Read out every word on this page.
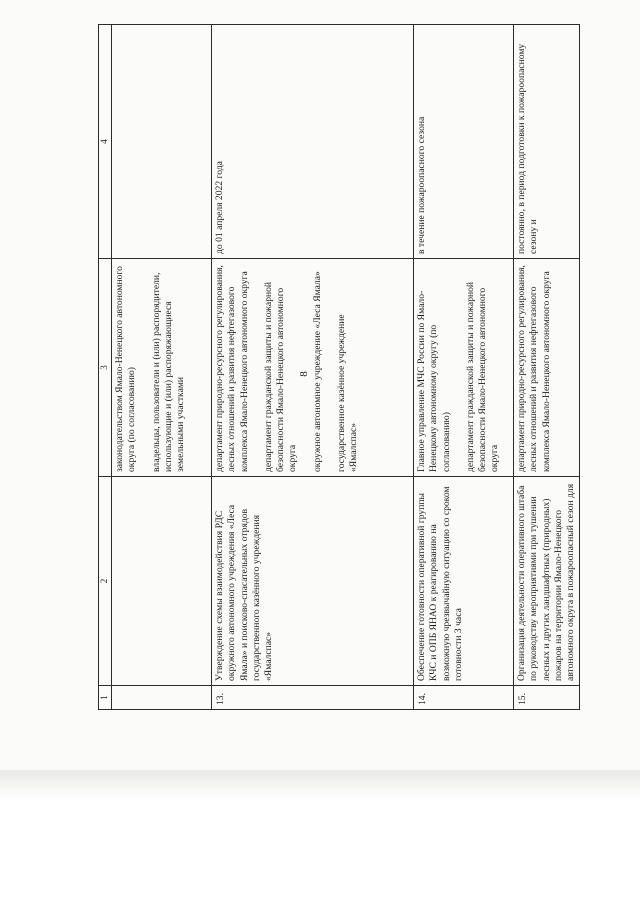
8
1	2	3	4

		законодательством Ямало-Ненецкого автономного округа (по согласованию) владельцы, пользователи и (или) распорядители, использующие и (или) распоряжающиеся земельными участками	

13.	Утверждение схемы взаимодействия РДС окружного автономного учреждения «Леса Ямала» и поисково-спасательных отрядов государственного казённого учреждения «Ямалспас»	департамент природно-ресурсного регулирования, лесных отношений и развития нефтегазового комплекса Ямало-Ненецкого автономного округа департамент гражданской защиты и пожарной безопасности Ямало-Ненецкого автономного округа окружное автономное учреждение «Леса Ямала» государственное казённое учреждение «Ямалспас»	до 01 апреля 2022 года
14.	Обеспечение готовности оперативной группы КЧС и ОПБ ЯНАО к реагированию на возможную чрезвычайную ситуацию со сроком готовности 3 часа	Главное управление МЧС России по Ямало-Ненецкому автономному округу (по согласованию) департамент гражданской защиты и пожарной безопасности Ямало-Ненецкого автономного округа	в течение пожароопасного сезона
15.	Организация деятельности оперативного штаба по руководству мероприятиями при тушении лесных и других ландшафтных (природных) пожаров на территории Ямало-Ненецкого автономного округа в пожароопасный сезон для	департамент природно-ресурсного регулирования, лесных отношений и развития нефтегазового комплекса Ямало-Ненецкого автономного округа	постоянно, в период подготовки к пожароопасному сезону и
